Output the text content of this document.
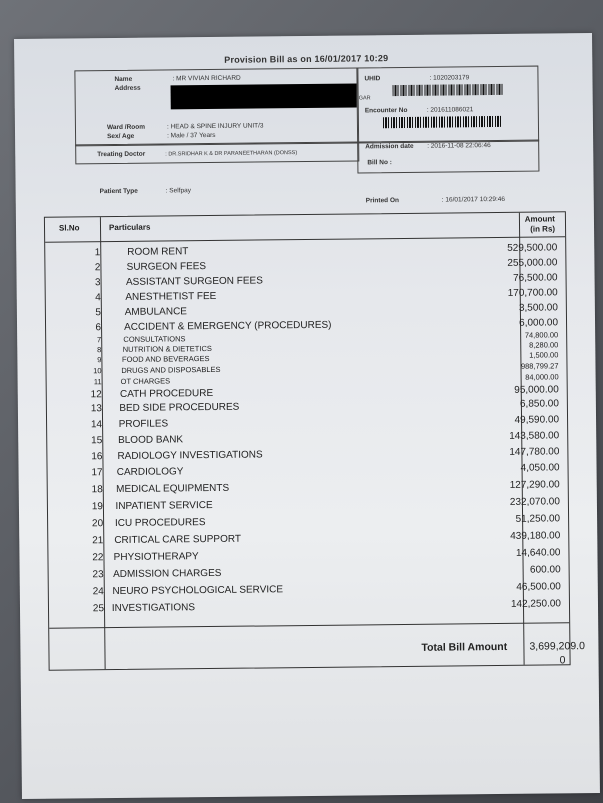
Provision Bill as on 16/01/2017 10:29
Name	: MR VIVIAN RICHARD
Address
GAR
UHID	: 1020203179
Encounter No	: 201611086021
Ward /Room	: HEAD & SPINE INJURY UNIT/3
Sex/ Age	: Male / 37 Years
Treating Doctor	: DR.SRIDHAR K & DR PARANEETHARAN (DONSS)
Admission date : 2016-11-08 22:06:46
Bill No :
Patient Type	: Selfpay
Printed On	: 16/01/2017 10:29:46
Sl.No	Particulars
Amount
(in Rs)
1	ROOM RENT	529,500.00
2	SURGEON FEES	255,000.00
3	ASSISTANT SURGEON FEES	76,500.00
4 ANESTHETIST FEE	170,700.00
5 AMBULANCE	3,500.00
6 ACCIDENT & EMERGENCY (PROCEDURES)	6,000.00
7	CONSULTATIONS	74,800.00
8	NUTRITION & DIETETICS	8,280.00
9	FOOD AND BEVERAGES	1,500.00
10	DRUGS AND DISPOSABLES	988,799.27
11	OT CHARGES	84,000.00
12 CATH PROCEDURE	95,000.00
13 BED SIDE PROCEDURES	6,850.00
14 PROFILES	49,590.00
15 BLOOD BANK	143,580.00
16 RADIOLOGY INVESTIGATIONS	147,780.00
17 CARDIOLOGY	4,050.00
18 MEDICAL EQUIPMENTS	127,290.00
19 INPATIENT SERVICE	232,070.00
20 ICU PROCEDURES	51,250.00
21 CRITICAL CARE SUPPORT	439,180.00
22 PHYSIOTHERAPY	14,640.00
23 ADMISSION CHARGES	600.00
24 NEURO PSYCHOLOGICAL SERVICE	46,500.00
25 INVESTIGATIONS	142,250.00
Total Bill Amount 3,699,209.0
0
